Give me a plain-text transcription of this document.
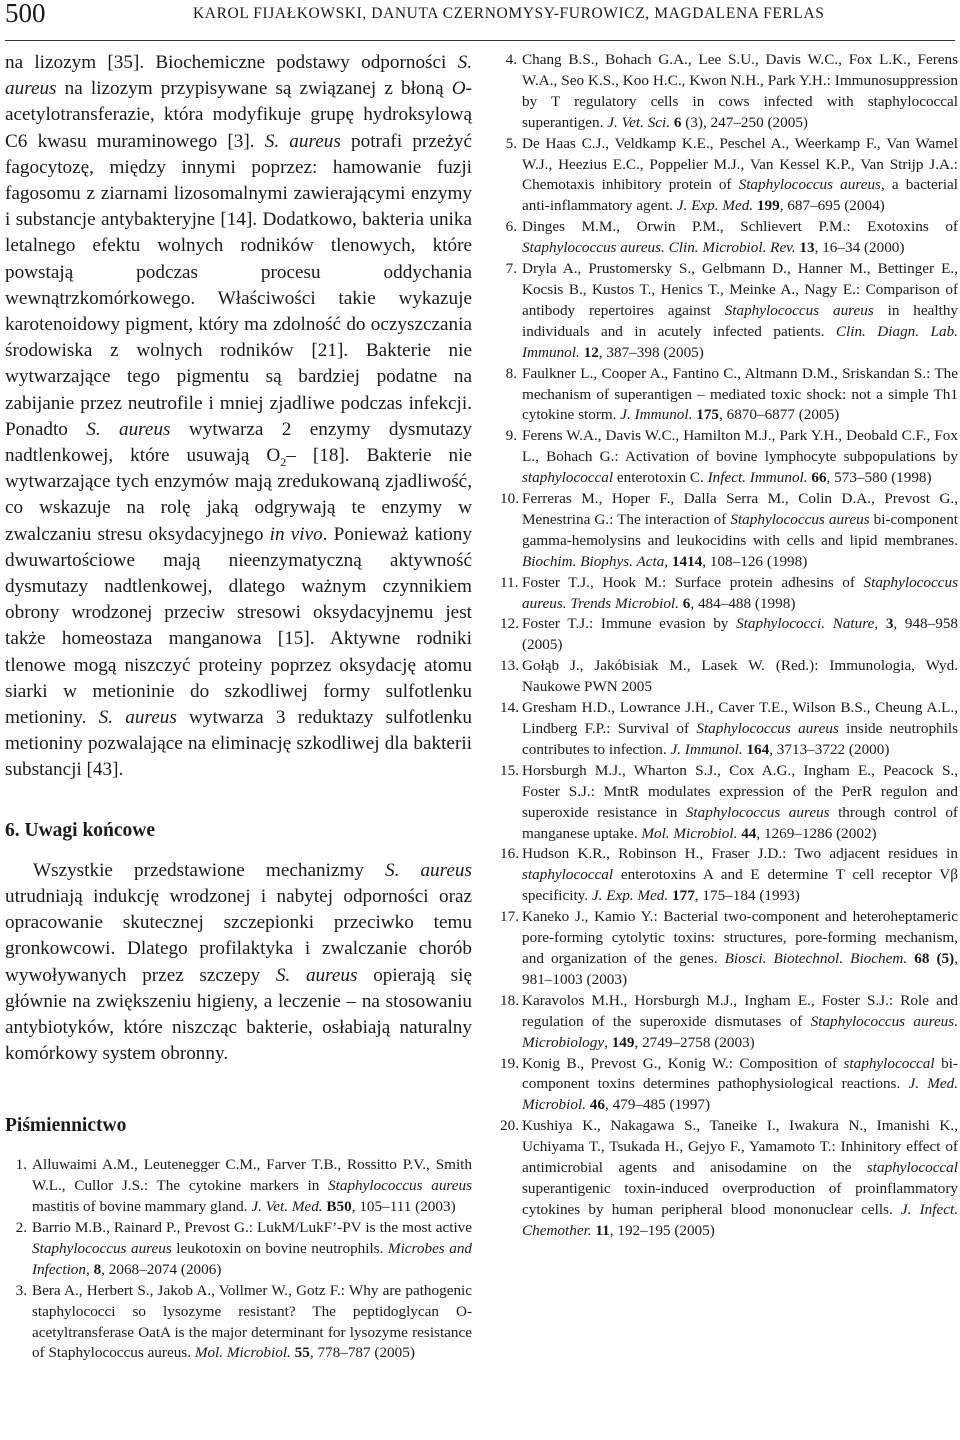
500	KAROL FIJAŁKOWSKI, DANUTA CZERNOMYSY-FUROWICZ, MAGDALENA FERLAS

na lizozym [35]. Biochemiczne podstawy odporności S. aureus na lizozym przypisywane są związanej z błoną O-acetylotransferazie, która modyfikuje grupę hydroksylową C6 kwasu muraminowego [3]. S. aureus potrafi przeżyć fagocytozę, między innymi poprzez: hamowanie fuzji fagosomu z ziarnami lizosomalnymi zawierającymi enzymy i substancje antybakteryjne [14]. Dodatkowo, bakteria unika letalnego efektu wolnych rodników tlenowych, które powstają podczas procesu oddychania wewnątrzkomórkowego. Właściwości takie wykazuje karotenoidowy pigment, który ma zdolność do oczyszczania środowiska z wolnych rodników [21]. Bakterie nie wytwarzające tego pigmentu są bardziej podatne na zabijanie przez neutrofile i mniej zjadliwe podczas infekcji. Ponadto S. aureus wytwarza 2 enzymy dysmutazy nadtlenkowej, które usuwają $O_2-$ [18]. Bakterie nie wytwarzające tych enzymów mają zredukowaną zjadliwość, co wskazuje na rolę jaką odgrywają te enzymy w zwalczaniu stresu oksydacyjnego in vivo. Ponieważ kationy dwuwartościowe mają nieenzymatyczną aktywność dysmutazy nadtlenkowej, dlatego ważnym czynnikiem obrony wrodzonej przeciw stresowi oksydacyjnemu jest także homeostaza manganowa [15]. Aktywne rodniki tlenowe mogą niszczyć proteiny poprzez oksydację atomu siarki w metioninie do szkodliwej formy sulfotlenku metioniny. S. aureus wytwarza 3 reduktazy sulfotlenku metioniny pozwalające na eliminację szkodliwej dla bakterii substancji [43].

6. Uwagi końcowe

Wszystkie przedstawione mechanizmy S. aureus utrudniają indukcję wrodzonej i nabytej odporności oraz opracowanie skutecznej szczepionki przeciwko temu gronkowcowi. Dlatego profilaktyka i zwalczanie chorób wywoływanych przez szczepy S. aureus opierają się głównie na zwiększeniu higieny, a leczenie – na stosowaniu antybiotyków, które niszcząc bakterie, osłabiają naturalny komórkowy system obronny.

Piśmiennictwo
1. Alluwaimi A.M., Leutenegger C.M., Farver T.B., Rossitto P.V., Smith W.L., Cullor J.S.: The cytokine markers in Staphylococcus aureus mastitis of bovine mammary gland. J. Vet. Med. B50, 105–111 (2003)
2. Barrio M.B., Rainard P., Prevost G.: LukM/LukF’-PV is the most active Staphylococcus aureus leukotoxin on bovine neutrophils. Microbes and Infection, 8, 2068–2074 (2006)
3. Bera A., Herbert S., Jakob A., Vollmer W., Gotz F.: Why are pathogenic staphylococci so lysozyme resistant? The peptidoglycan O-acetyltransferase OatA is the major determinant for lysozyme resistance of Staphylococcus aureus. Mol. Microbiol. 55, 778–787 (2005)
4. Chang B.S., Bohach G.A., Lee S.U., Davis W.C., Fox L.K., Ferens W.A., Seo K.S., Koo H.C., Kwon N.H., Park Y.H.: Immunosuppression by T regulatory cells in cows infected with staphylococcal superantigen. J. Vet. Sci. 6 (3), 247–250 (2005)
5. De Haas C.J., Veldkamp K.E., Peschel A., Weerkamp F., Van Wamel W.J., Heezius E.C., Poppelier M.J., Van Kessel K.P., Van Strijp J.A.: Chemotaxis inhibitory protein of Staphylococcus aureus, a bacterial anti-inflammatory agent. J. Exp. Med. 199, 687–695 (2004)
6. Dinges M.M., Orwin P.M., Schlievert P.M.: Exotoxins of Staphylococcus aureus. Clin. Microbiol. Rev. 13, 16–34 (2000)
7. Dryla A., Prustomersky S., Gelbmann D., Hanner M., Bettinger E., Kocsis B., Kustos T., Henics T., Meinke A., Nagy E.: Comparison of antibody repertoires against Staphylococcus aureus in healthy individuals and in acutely infected patients. Clin. Diagn. Lab. Immunol. 12, 387–398 (2005)
8. Faulkner L., Cooper A., Fantino C., Altmann D.M., Sriskandan S.: The mechanism of superantigen – mediated toxic shock: not a simple Th1 cytokine storm. J. Immunol. 175, 6870–6877 (2005)
9. Ferens W.A., Davis W.C., Hamilton M.J., Park Y.H., Deobald C.F., Fox L., Bohach G.: Activation of bovine lymphocyte subpopulations by staphylococcal enterotoxin C. Infect. Immunol. 66, 573–580 (1998)
10. Ferreras M., Hoper F., Dalla Serra M., Colin D.A., Prevost G., Menestrina G.: The interaction of Staphylococcus aureus bi-component gamma-hemolysins and leukocidins with cells and lipid membranes. Biochim. Biophys. Acta, 1414, 108–126 (1998)
11. Foster T.J., Hook M.: Surface protein adhesins of Staphylococcus aureus. Trends Microbiol. 6, 484–488 (1998)
12. Foster T.J.: Immune evasion by Staphylococci. Nature, 3, 948–958 (2005)
13. Gołąb J., Jakóbisiak M., Lasek W. (Red.): Immunologia, Wyd. Naukowe PWN 2005
14. Gresham H.D., Lowrance J.H., Caver T.E., Wilson B.S., Cheung A.L., Lindberg F.P.: Survival of Staphylococcus aureus inside neutrophils contributes to infection. J. Immunol. 164, 3713–3722 (2000)
15. Horsburgh M.J., Wharton S.J., Cox A.G., Ingham E., Peacock S., Foster S.J.: MntR modulates expression of the PerR regulon and superoxide resistance in Staphylococcus aureus through control of manganese uptake. Mol. Microbiol. 44, 1269–1286 (2002)
16. Hudson K.R., Robinson H., Fraser J.D.: Two adjacent residues in staphylococcal enterotoxins A and E determine T cell receptor Vβ specificity. J. Exp. Med. 177, 175–184 (1993)
17. Kaneko J., Kamio Y.: Bacterial two-component and heteroheptameric pore-forming cytolytic toxins: structures, pore-forming mechanism, and organization of the genes. Biosci. Biotechnol. Biochem. 68 (5), 981–1003 (2003)
18. Karavolos M.H., Horsburgh M.J., Ingham E., Foster S.J.: Role and regulation of the superoxide dismutases of Staphylococcus aureus. Microbiology, 149, 2749–2758 (2003)
19. Konig B., Prevost G., Konig W.: Composition of staphylococcal bi-component toxins determines pathophysiological reactions. J. Med. Microbiol. 46, 479–485 (1997)
20. Kushiya K., Nakagawa S., Taneike I., Iwakura N., Imanishi K., Uchiyama T., Tsukada H., Gejyo F., Yamamoto T.: Inhinitory effect of antimicrobial agents and anisodamine on the staphylococcal superantigenic toxin-induced overproduction of proinflammatory cytokines by human peripheral blood mononuclear cells. J. Infect. Chemother. 11, 192–195 (2005)
